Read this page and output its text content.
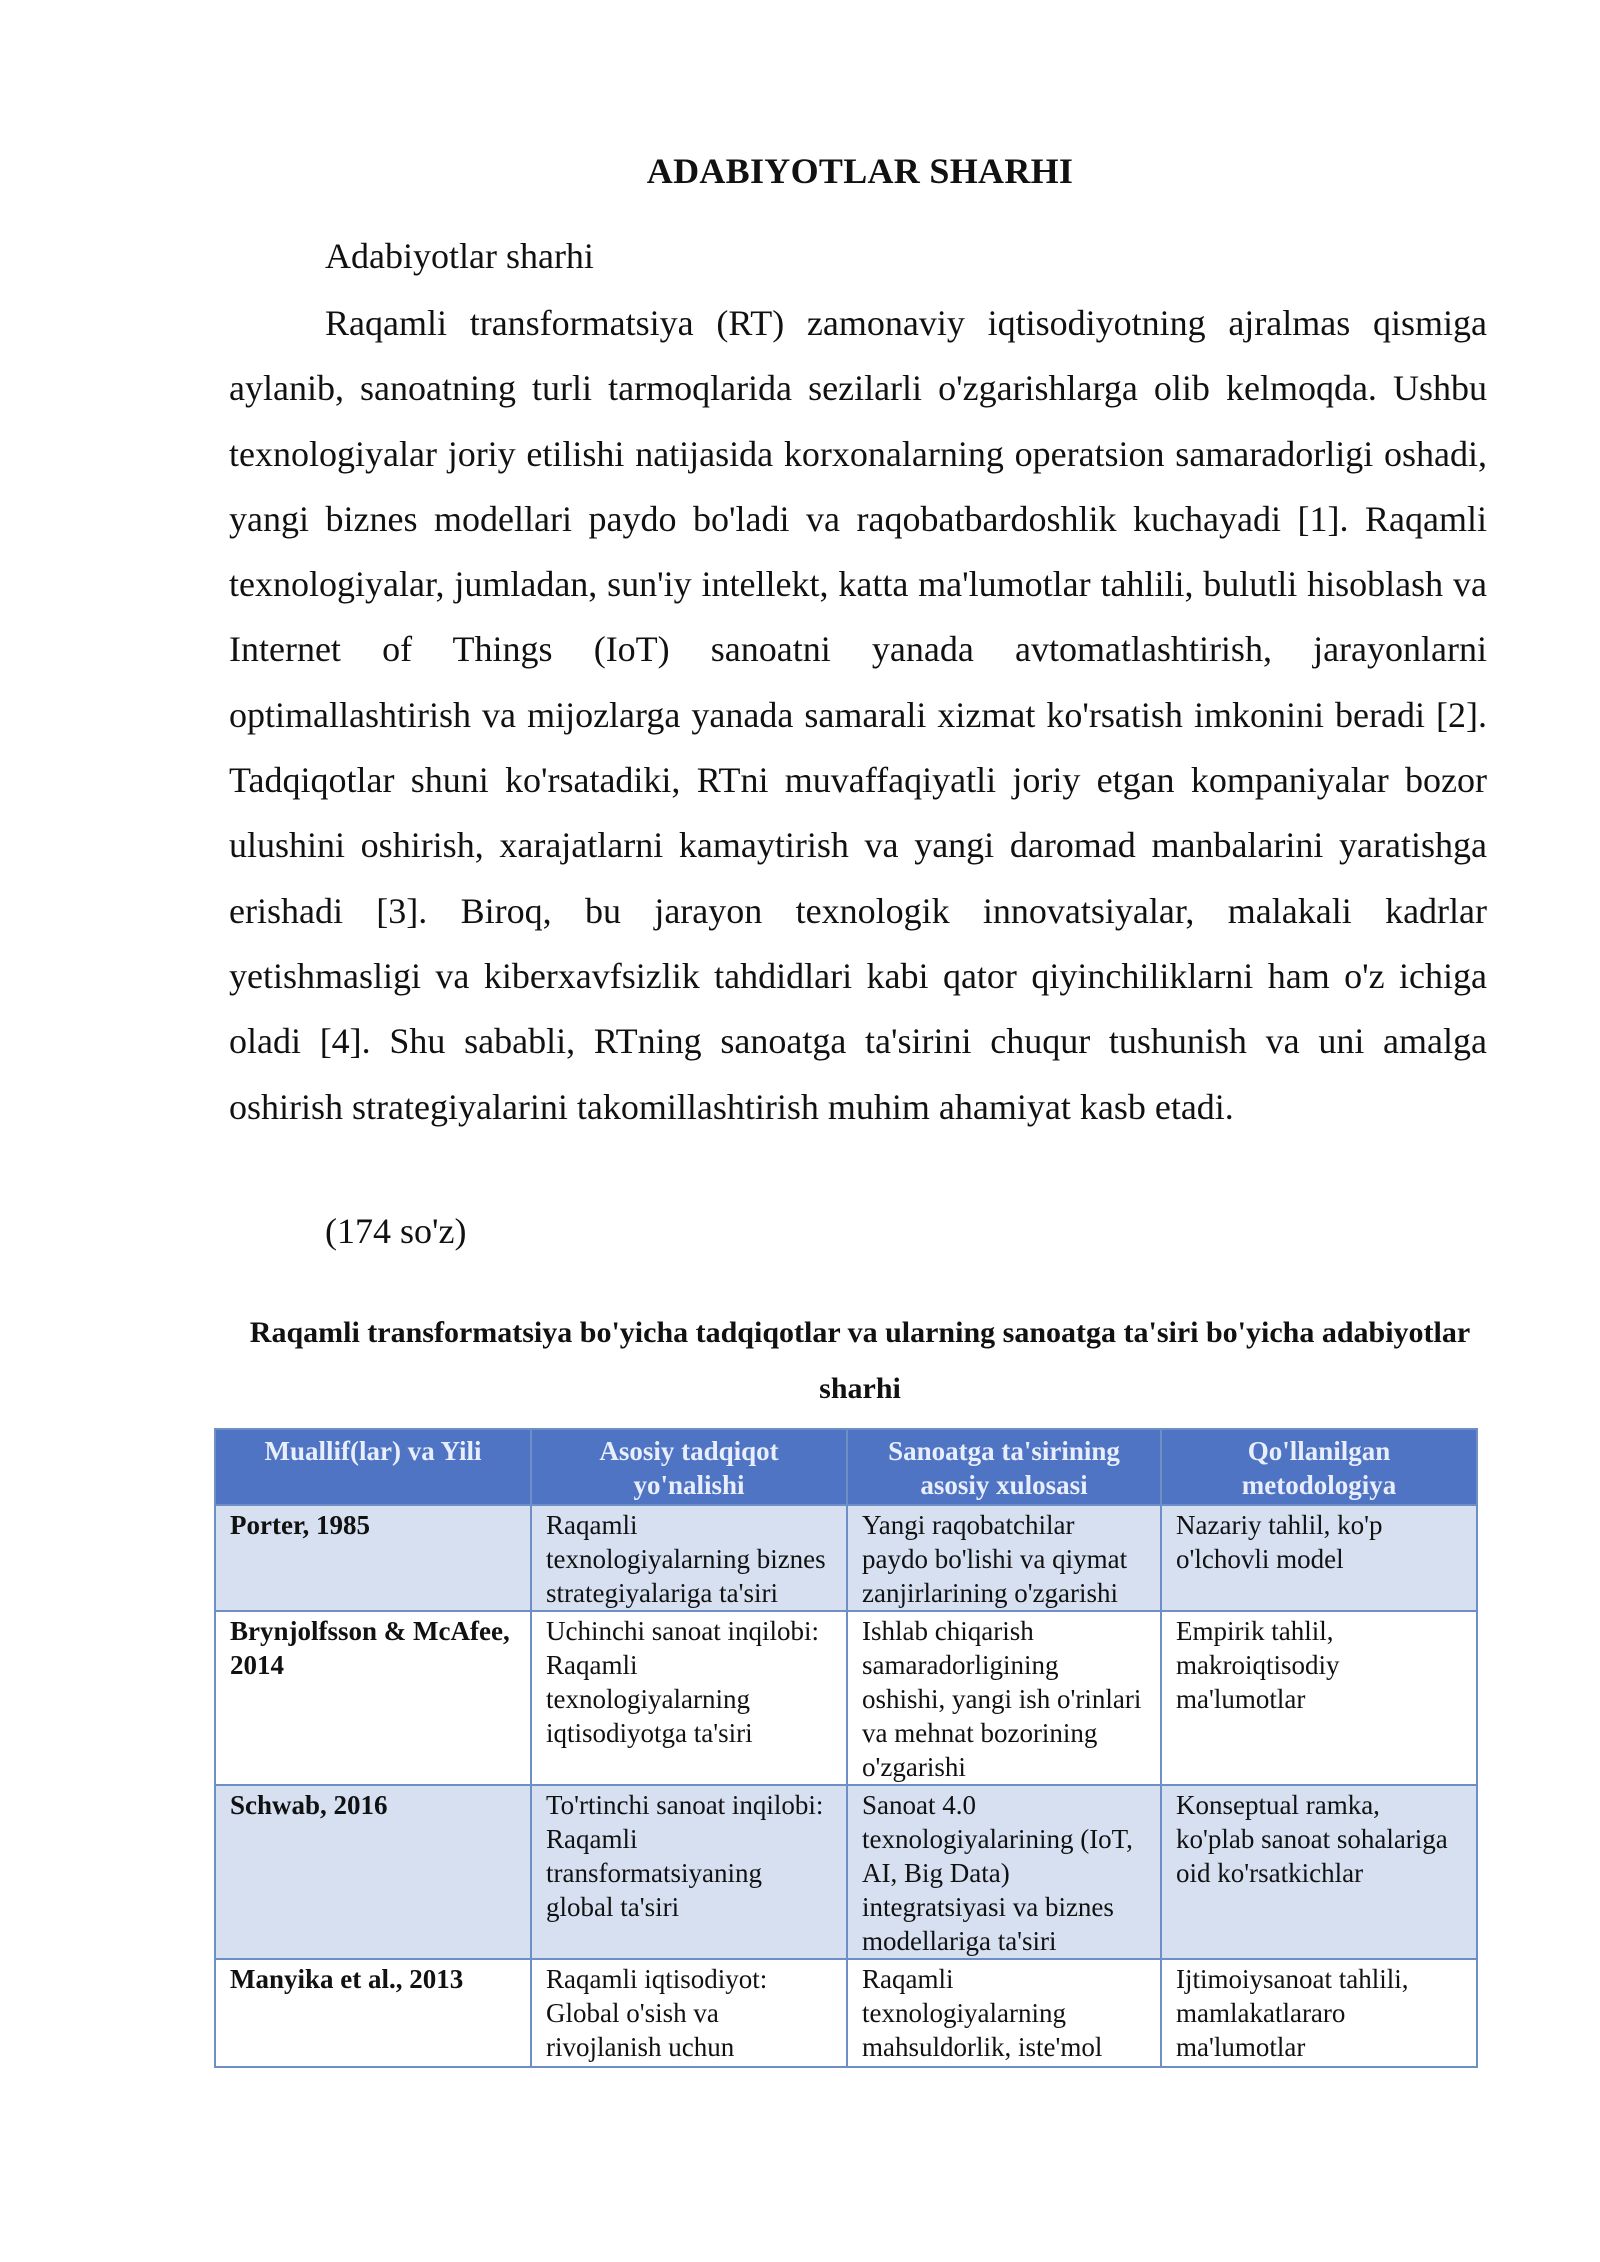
ADABIYOTLAR SHARHI
Adabiyotlar sharhi

Raqamli transformatsiya (RT) zamonaviy iqtisodiyotning ajralmas qismiga aylanib, sanoatning turli tarmoqlarida sezilarli o'zgarishlarga olib kelmoqda. Ushbu texnologiyalar joriy etilishi natijasida korxonalarning operatsion samaradorligi oshadi, yangi biznes modellari paydo bo'ladi va raqobatbardoshlik kuchayadi [1]. Raqamli texnologiyalar, jumladan, sun'iy intellekt, katta ma'lumotlar tahlili, bulutli hisoblash va Internet of Things (IoT) sanoatni yanada avtomatlashtirish, jarayonlarni optimallashtirish va mijozlarga yanada samarali xizmat ko'rsatish imkonini beradi [2]. Tadqiqotlar shuni ko'rsatadiki, RTni muvaffaqiyatli joriy etgan kompaniyalar bozor ulushini oshirish, xarajatlarni kamaytirish va yangi daromad manbalarini yaratishga erishadi [3]. Biroq, bu jarayon texnologik innovatsiyalar, malakali kadrlar yetishmasligi va kiberxavfsizlik tahdidlari kabi qator qiyinchiliklarni ham o'z ichiga oladi [4]. Shu sababli, RTning sanoatga ta'sirini chuqur tushunish va uni amalga oshirish strategiyalarini takomillashtirish muhim ahamiyat kasb etadi.

(174 so'z)
Raqamli transformatsiya bo'yicha tadqiqotlar va ularning sanoatga ta'siri bo'yicha adabiyotlar sharhi
Muallif(lar) va Yili	Asosiy tadqiqot yo'nalishi	Sanoatga ta'sirining asosiy xulosasi	Qo'llanilgan metodologiya
Porter, 1985	Raqamli texnologiyalarning biznes strategiyalariga ta'siri	Yangi raqobatchilar paydo bo'lishi va qiymat zanjirlarining o'zgarishi	Nazariy tahlil, ko'p o'lchovli model
Brynjolfsson & McAfee, 2014	Uchinchi sanoat inqilobi: Raqamli texnologiyalarning iqtisodiyotga ta'siri	Ishlab chiqarish samaradorligining oshishi, yangi ish o'rinlari va mehnat bozorining o'zgarishi	Empirik tahlil, makroiqtisodiy ma'lumotlar
Schwab, 2016	To'rtinchi sanoat inqilobi: Raqamli transformatsiyaning global ta'siri	Sanoat 4.0 texnologiyalarining (IoT, AI, Big Data) integratsiyasi va biznes modellariga ta'siri	Konseptual ramka, ko'plab sanoat sohalariga oid ko'rsatkichlar

Manyika et al., 2013	Raqamli iqtisodiyot: Global o'sish va rivojlanish uchun	Raqamli texnologiyalarning mahsuldorlik, iste'mol	Ijtimoiysanoat tahlili, mamlakatlararo ma'lumotlar
